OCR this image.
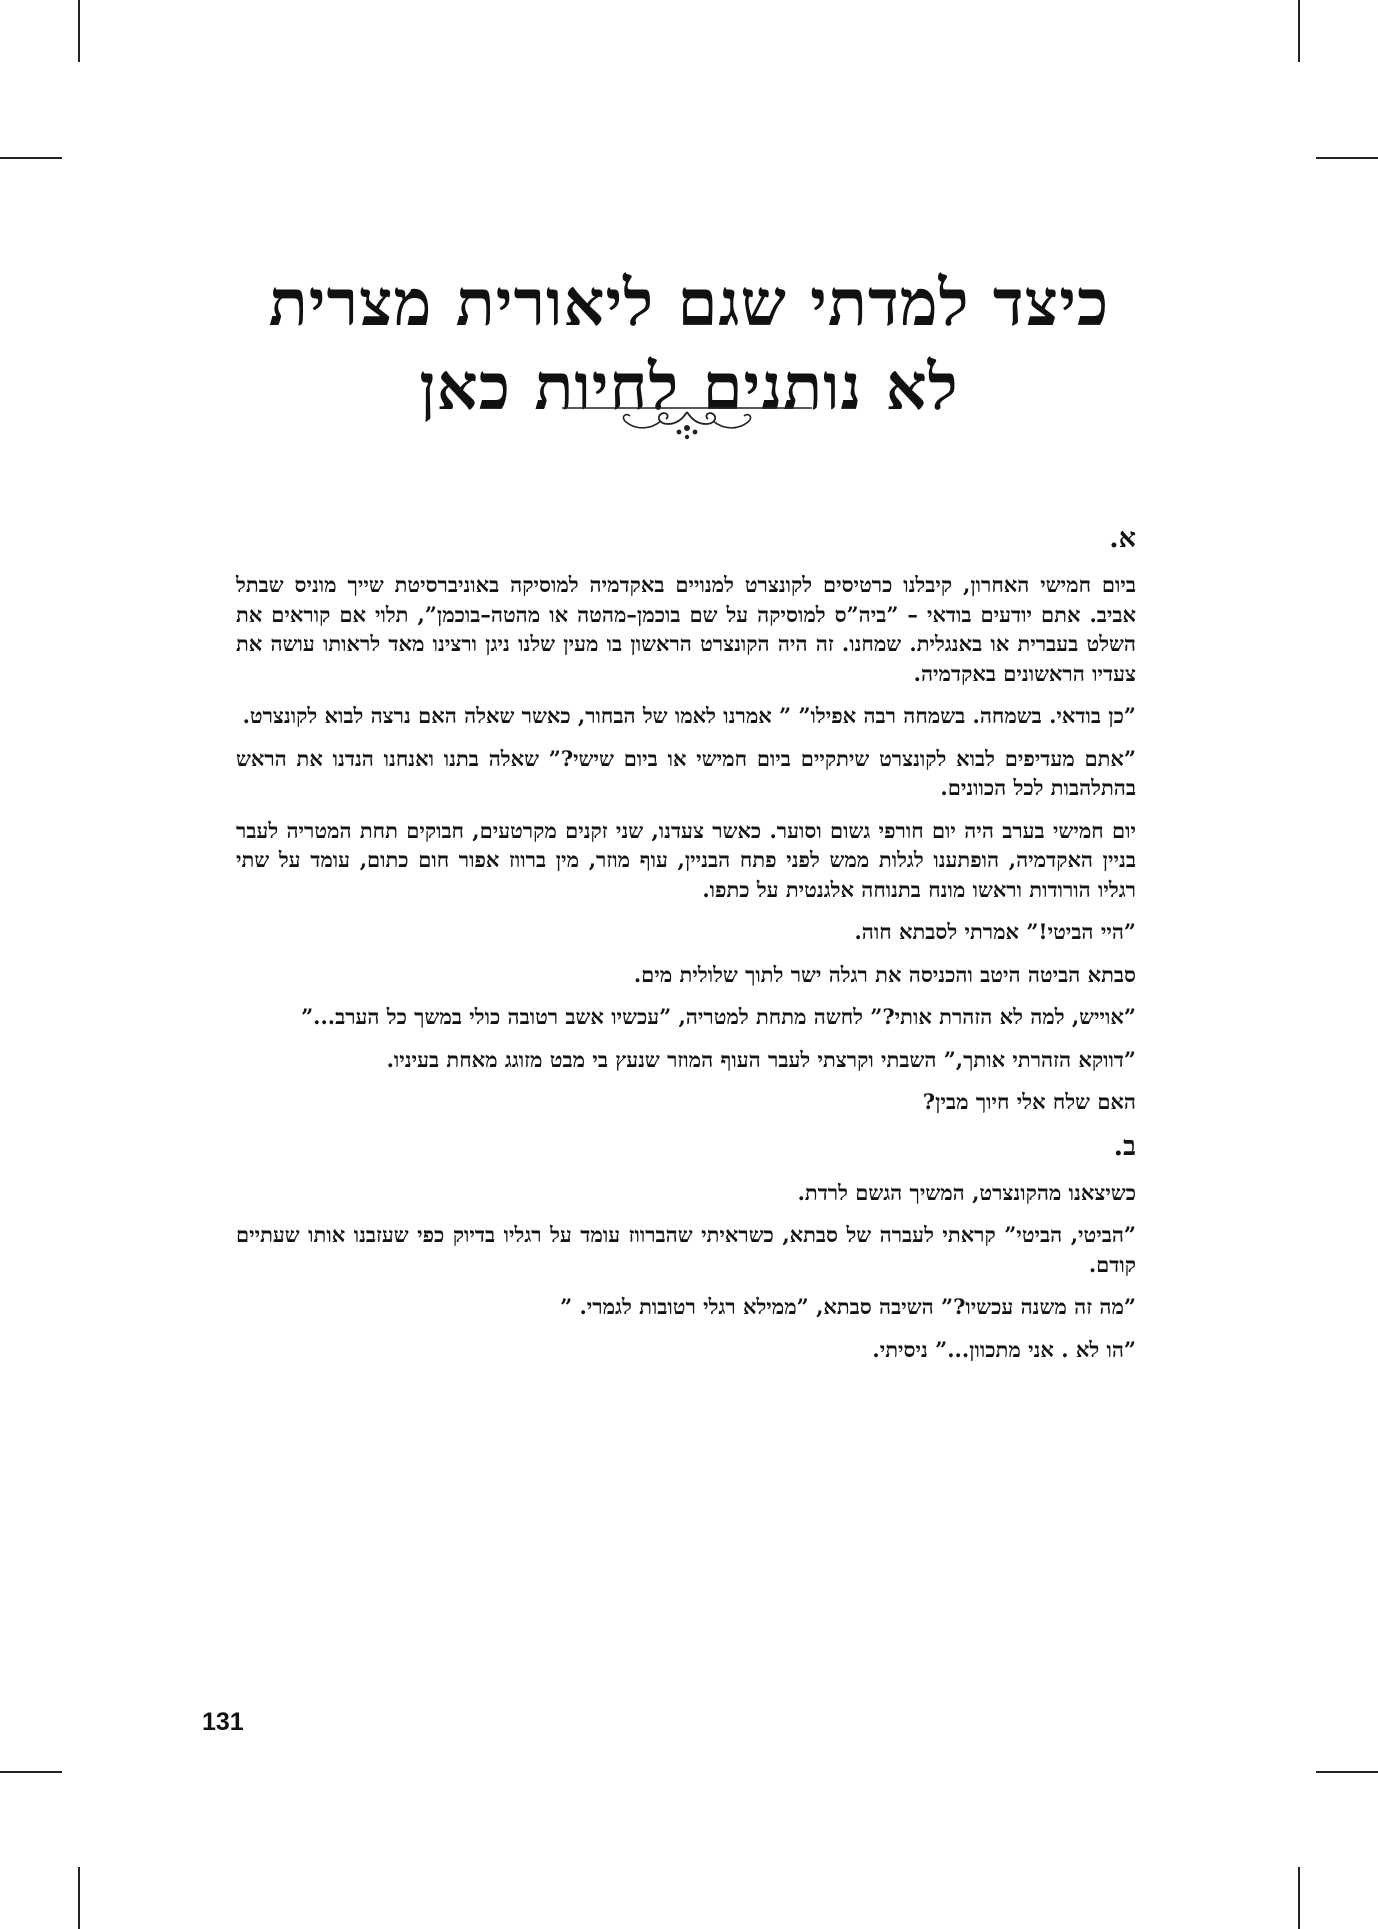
כיצד למדתי שגם ליאורית מצרית
לא נותנים לחיות כאן
א.

ביום חמישי האחרון, קיבלנו כרטיסים לקונצרט למנויים באקדמיה למוסיקה באוניברסיטת שייך מוניס שבתל אביב. אתם יודעים בודאי – ”ביה”ס למוסיקה על שם בוכמן–מהטה או מהטה–בוכמן”, תלוי אם קוראים את השלט בעברית או באנגלית. שמחנו. זה היה הקונצרט הראשון בו מעין שלנו ניגן ורצינו מאד לראותו עושה את צעדיו הראשונים באקדמיה.

”כן בודאי. בשמחה. בשמחה רבה אפילו” ” אמרנו לאמו של הבחור, כאשר שאלה האם נרצה לבוא לקונצרט.

”אתם מעדיפים לבוא לקונצרט שיתקיים ביום חמישי או ביום שישי?” שאלה בתנו ואנחנו הנדנו את הראש בהתלהבות לכל הכוונים.

יום חמישי בערב היה יום חורפי גשום וסוער. כאשר צעדנו, שני זקנים מקרטעים, חבוקים תחת המטריה לעבר בניין האקדמיה, הופתענו לגלות ממש לפני פתח הבניין, עוף מוזר, מין ברווז אפור חום כתום, עומד על שתי רגליו הורודות וראשו מונח בתנוחה אלגנטית על כתפו.

”היי הביטי!” אמרתי לסבתא חוה.

סבתא הביטה היטב והכניסה את רגלה ישר לתוך שלולית מים.

”אוייש, למה לא הזהרת אותי?” לחשה מתחת למטריה, ”עכשיו אשב רטובה כולי במשך כל הערב...”

”דווקא הזהרתי אותך,” השבתי וקרצתי לעבר העוף המוזר שנעץ בי מבט מזוגג מאחת בעיניו.

האם שלח אלי חיוך מבין?

ב.

כשיצאנו מהקונצרט, המשיך הגשם לרדת.

”הביטי, הביטי” קראתי לעברה של סבתא, כשראיתי שהברווז עומד על רגליו בדיוק כפי שעזבנו אותו שעתיים קודם.

”מה זה משנה עכשיו?” השיבה סבתא, ”ממילא רגלי רטובות לגמרי. ”

”הו לא . אני מתכוון...” ניסיתי.

131
